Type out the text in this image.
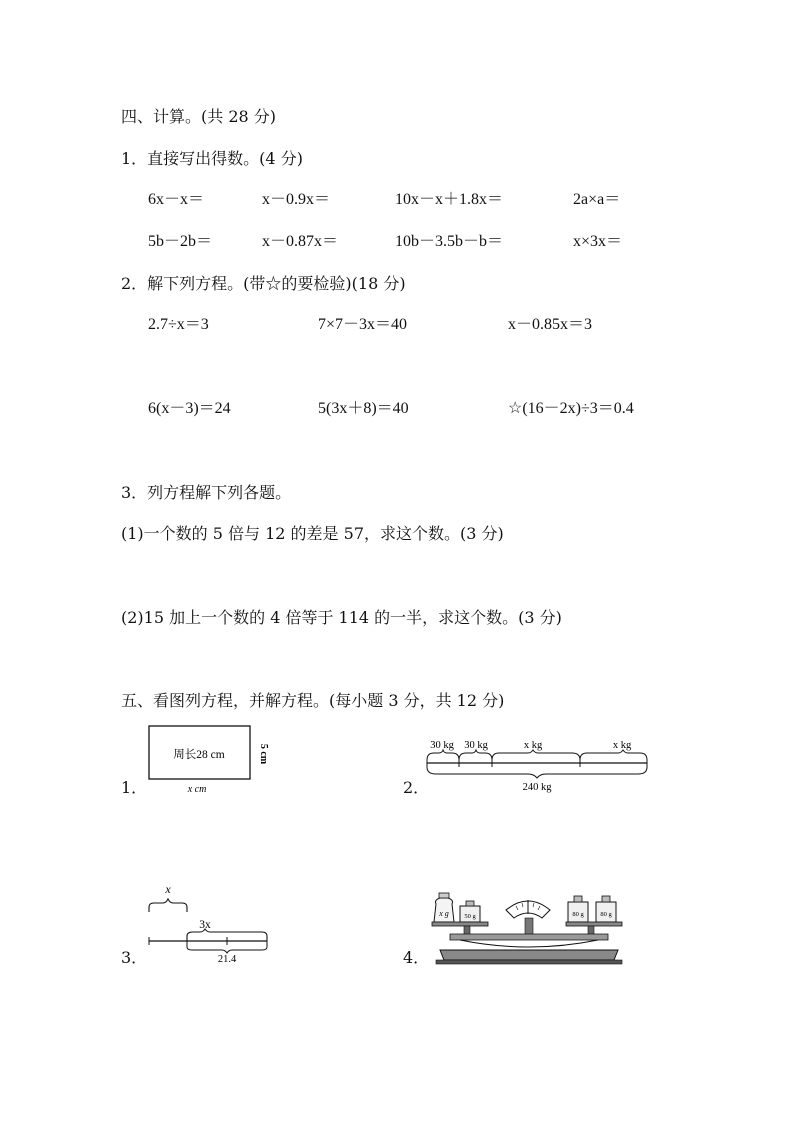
四、计算。(共 28 分)
1．直接写出得数。(4 分)
6x－x＝	x－0.9x＝	10x－x＋1.8x＝	2a×a＝
5b－2b＝	x－0.87x＝	10b－3.5b－b＝	x×3x＝
2．解下列方程。(带☆的要检验)(18 分)
2.7÷x＝3	7×7－3x＝40	x－0.85x＝3
6(x－3)＝24	5(3x＋8)＝40	☆(16－2x)÷3＝0.4
3．列方程解下列各题。
(1)一个数的 5 倍与 12 的差是 57，求这个数。(3 分)
(2)15 加上一个数的 4 倍等于 114 的一半，求这个数。(3 分)
五、看图列方程，并解方程。(每小题 3 分，共 12 分)
1．
周长28 cm	5 cm
x cm	2．
30 kg 30 kg	x kg	x kg
240 kg
3．
x
3x
21.4	4．
x g 50 g	80 g	80 g
